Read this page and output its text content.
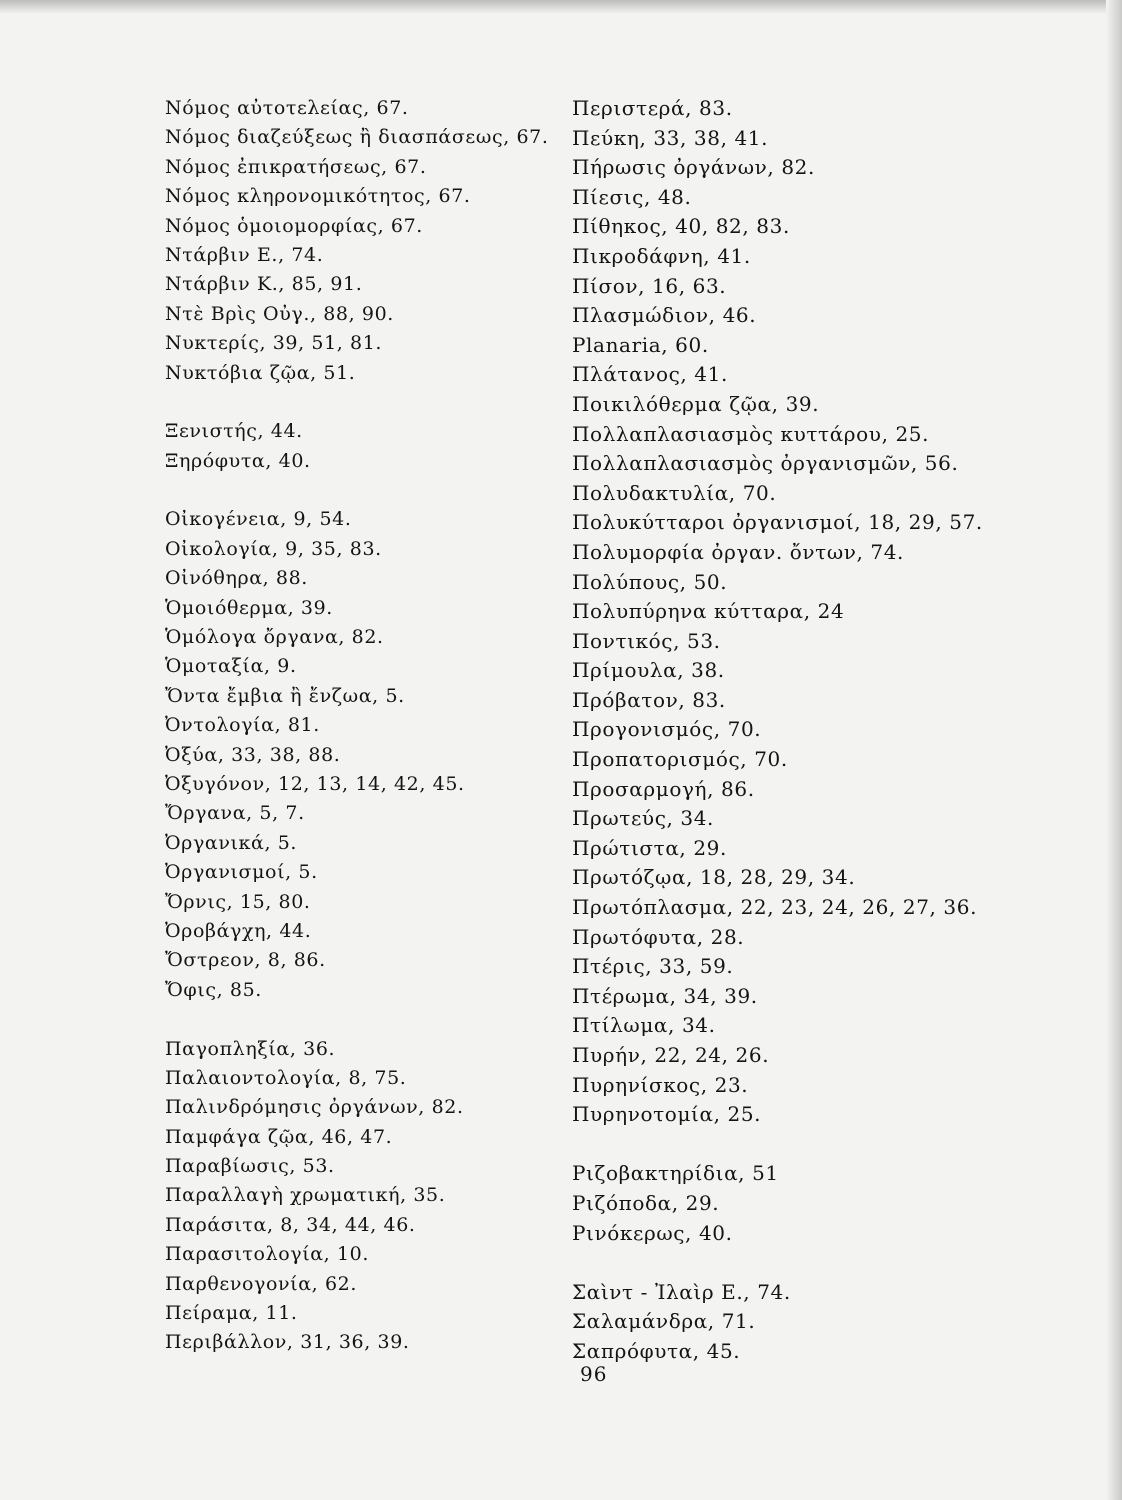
Νόμος αὐτοτελείας, 67.
Νόμος διαζεύξεως ἢ διασπάσεως, 67.
Νόμος ἐπικρατήσεως, 67.
Νόμος κληρονομικότητος, 67.
Νόμος ὁμοιομορφίας, 67.
Ντάρβιν Ε., 74.
Ντάρβιν Κ., 85, 91.
Ντὲ Βρὶς Οὐγ., 88, 90.
Νυκτερίς, 39, 51, 81.
Νυκτόβια ζῷα, 51.
Ξενιστής, 44.
Ξηρόφυτα, 40.
Οἰκογένεια, 9, 54.
Οἰκολογία, 9, 35, 83.
Οἰνόθηρα, 88.
Ὁμοιόθερμα, 39.
Ὁμόλογα ὄργανα, 82.
Ὁμοταξία, 9.
Ὄντα ἔμβια ἢ ἔνζωα, 5.
Ὀντολογία, 81.
Ὀξύα, 33, 38, 88.
Ὀξυγόνον, 12, 13, 14, 42, 45.
Ὄργανα, 5, 7.
Ὀργανικά, 5.
Ὀργανισμοί, 5.
Ὄρνις, 15, 80.
Ὀροβάγχη, 44.
Ὄστρεον, 8, 86.
Ὄφις, 85.
Παγοπληξία, 36.
Παλαιοντολογία, 8, 75.
Παλινδρόμησις ὀργάνων, 82.
Παμφάγα ζῷα, 46, 47.
Παραβίωσις, 53.
Παραλλαγὴ χρωματική, 35.
Παράσιτα, 8, 34, 44, 46.
Παρασιτολογία, 10.
Παρθενογονία, 62.
Πείραμα, 11.
Περιβάλλον, 31, 36, 39.
Περιστερά, 83.
Πεύκη, 33, 38, 41.
Πήρωσις ὀργάνων, 82.
Πίεσις, 48.
Πίθηκος, 40, 82, 83.
Πικροδάφνη, 41.
Πίσον, 16, 63.
Πλασμώδιον, 46.
Planaria, 60.
Πλάτανος, 41.
Ποικιλόθερμα ζῷα, 39.
Πολλαπλασιασμὸς κυττάρου, 25.
Πολλαπλασιασμὸς ὀργανισμῶν, 56.
Πολυδακτυλία, 70.
Πολυκύτταροι ὀργανισμοί, 18, 29, 57.
Πολυμορφία ὀργαν. ὄντων, 74.
Πολύπους, 50.
Πολυπύρηνα κύτταρα, 24
Ποντικός, 53.
Πρίμουλα, 38.
Πρόβατον, 83.
Προγονισμός, 70.
Προπατορισμός, 70.
Προσαρμογή, 86.
Πρωτεύς, 34.
Πρώτιστα, 29.
Πρωτόζῳα, 18, 28, 29, 34.
Πρωτόπλασμα, 22, 23, 24, 26, 27, 36.
Πρωτόφυτα, 28.
Πτέρις, 33, 59.
Πτέρωμα, 34, 39.
Πτίλωμα, 34.
Πυρήν, 22, 24, 26.
Πυρηνίσκος, 23.
Πυρηνοτομία, 25.
Ριζοβακτηρίδια, 51
Ριζόποδα, 29.
Ρινόκερως, 40.
Σαὶντ - Ἰλαὶρ Ε., 74.
Σαλαμάνδρα, 71.
Σαπρόφυτα, 45.
96
